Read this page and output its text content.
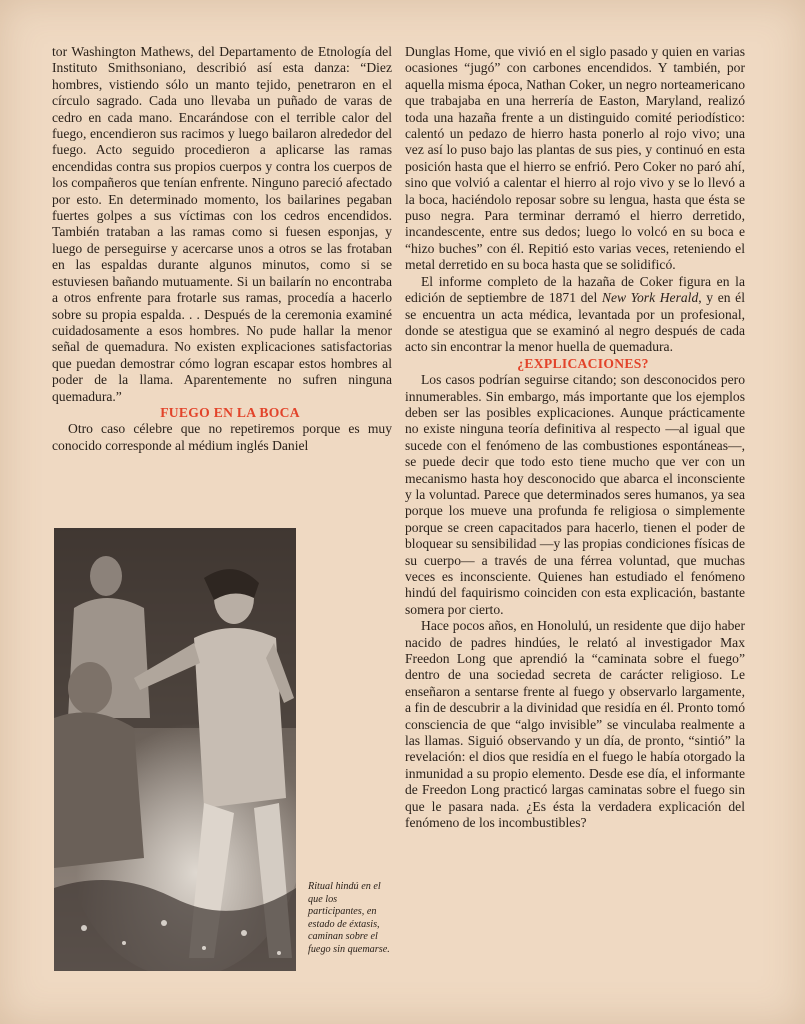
tor Washington Mathews, del Departamento de Etnología del Instituto Smithsoniano, describió así esta danza: “Diez hombres, vistiendo sólo un manto tejido, penetraron en el círculo sagrado. Cada uno llevaba un puñado de varas de cedro en cada mano. Encarándose con el terrible calor del fuego, encendieron sus racimos y luego bailaron alrededor del fuego. Acto seguido procedieron a aplicarse las ramas encendidas contra sus propios cuerpos y contra los cuerpos de los compañeros que tenían enfrente. Ninguno pareció afectado por esto. En determinado momento, los bailarines pegaban fuertes golpes a sus víctimas con los cedros encendidos. También trataban a las ramas como si fuesen esponjas, y luego de perseguirse y acercarse unos a otros se las frotaban en las espaldas durante algunos minutos, como si se estuviesen bañando mutuamente. Si un bailarín no encontraba a otros enfrente para frotarle sus ramas, procedía a hacerlo sobre su propia espalda. . . Después de la ceremonia examiné cuidadosamente a esos hombres. No pude hallar la menor señal de quemadura. No existen explicaciones satisfactorias que puedan demostrar cómo logran escapar estos hombres al poder de la llama. Aparentemente no sufren ninguna quemadura.”

FUEGO EN LA BOCA

Otro caso célebre que no repetiremos porque es muy conocido corresponde al médium inglés Daniel

Ritual hindú en el que los participantes, en estado de éxtasis, caminan sobre el fuego sin quemarse.

Dunglas Home, que vivió en el siglo pasado y quien en varias ocasiones “jugó” con carbones encendidos. Y también, por aquella misma época, Nathan Coker, un negro norteamericano que trabajaba en una herrería de Easton, Maryland, realizó toda una hazaña frente a un distinguido comité periodístico: calentó un pedazo de hierro hasta ponerlo al rojo vivo; una vez así lo puso bajo las plantas de sus pies, y continuó en esta posición hasta que el hierro se enfrió. Pero Coker no paró ahí, sino que volvió a calentar el hierro al rojo vivo y se lo llevó a la boca, haciéndolo reposar sobre su lengua, hasta que ésta se puso negra. Para terminar derramó el hierro derretido, incandescente, entre sus dedos; luego lo volcó en su boca e “hizo buches” con él. Repitió esto varias veces, reteniendo el metal derretido en su boca hasta que se solidificó.

El informe completo de la hazaña de Coker figura en la edición de septiembre de 1871 del New York Herald, y en él se encuentra un acta médica, levantada por un profesional, donde se atestigua que se examinó al negro después de cada acto sin encontrar la menor huella de quemadura.

¿EXPLICACIONES?

Los casos podrían seguirse citando; son desconocidos pero innumerables. Sin embargo, más importante que los ejemplos deben ser las posibles explicaciones. Aunque prácticamente no existe ninguna teoría definitiva al respecto —al igual que sucede con el fenómeno de las combustiones espontáneas—, se puede decir que todo esto tiene mucho que ver con un mecanismo hasta hoy desconocido que abarca el inconsciente y la voluntad. Parece que determinados seres humanos, ya sea porque los mueve una profunda fe religiosa o simplemente porque se creen capacitados para hacerlo, tienen el poder de bloquear su sensibilidad —y las propias condiciones físicas de su cuerpo— a través de una férrea voluntad, que muchas veces es inconsciente. Quienes han estudiado el fenómeno hindú del faquirismo coinciden con esta explicación, bastante somera por cierto.

Hace pocos años, en Honolulú, un residente que dijo haber nacido de padres hindúes, le relató al investigador Max Freedon Long que aprendió la “caminata sobre el fuego” dentro de una sociedad secreta de carácter religioso. Le enseñaron a sentarse frente al fuego y observarlo largamente, a fin de descubrir a la divinidad que residía en él. Pronto tomó consciencia de que “algo invisible” se vinculaba realmente a las llamas. Siguió observando y un día, de pronto, “sintió” la revelación: el dios que residía en el fuego le había otorgado la inmunidad a su propio elemento. Desde ese día, el informante de Freedon Long practicó largas caminatas sobre el fuego sin que le pasara nada. ¿Es ésta la verdadera explicación del fenómeno de los incombustibles?
